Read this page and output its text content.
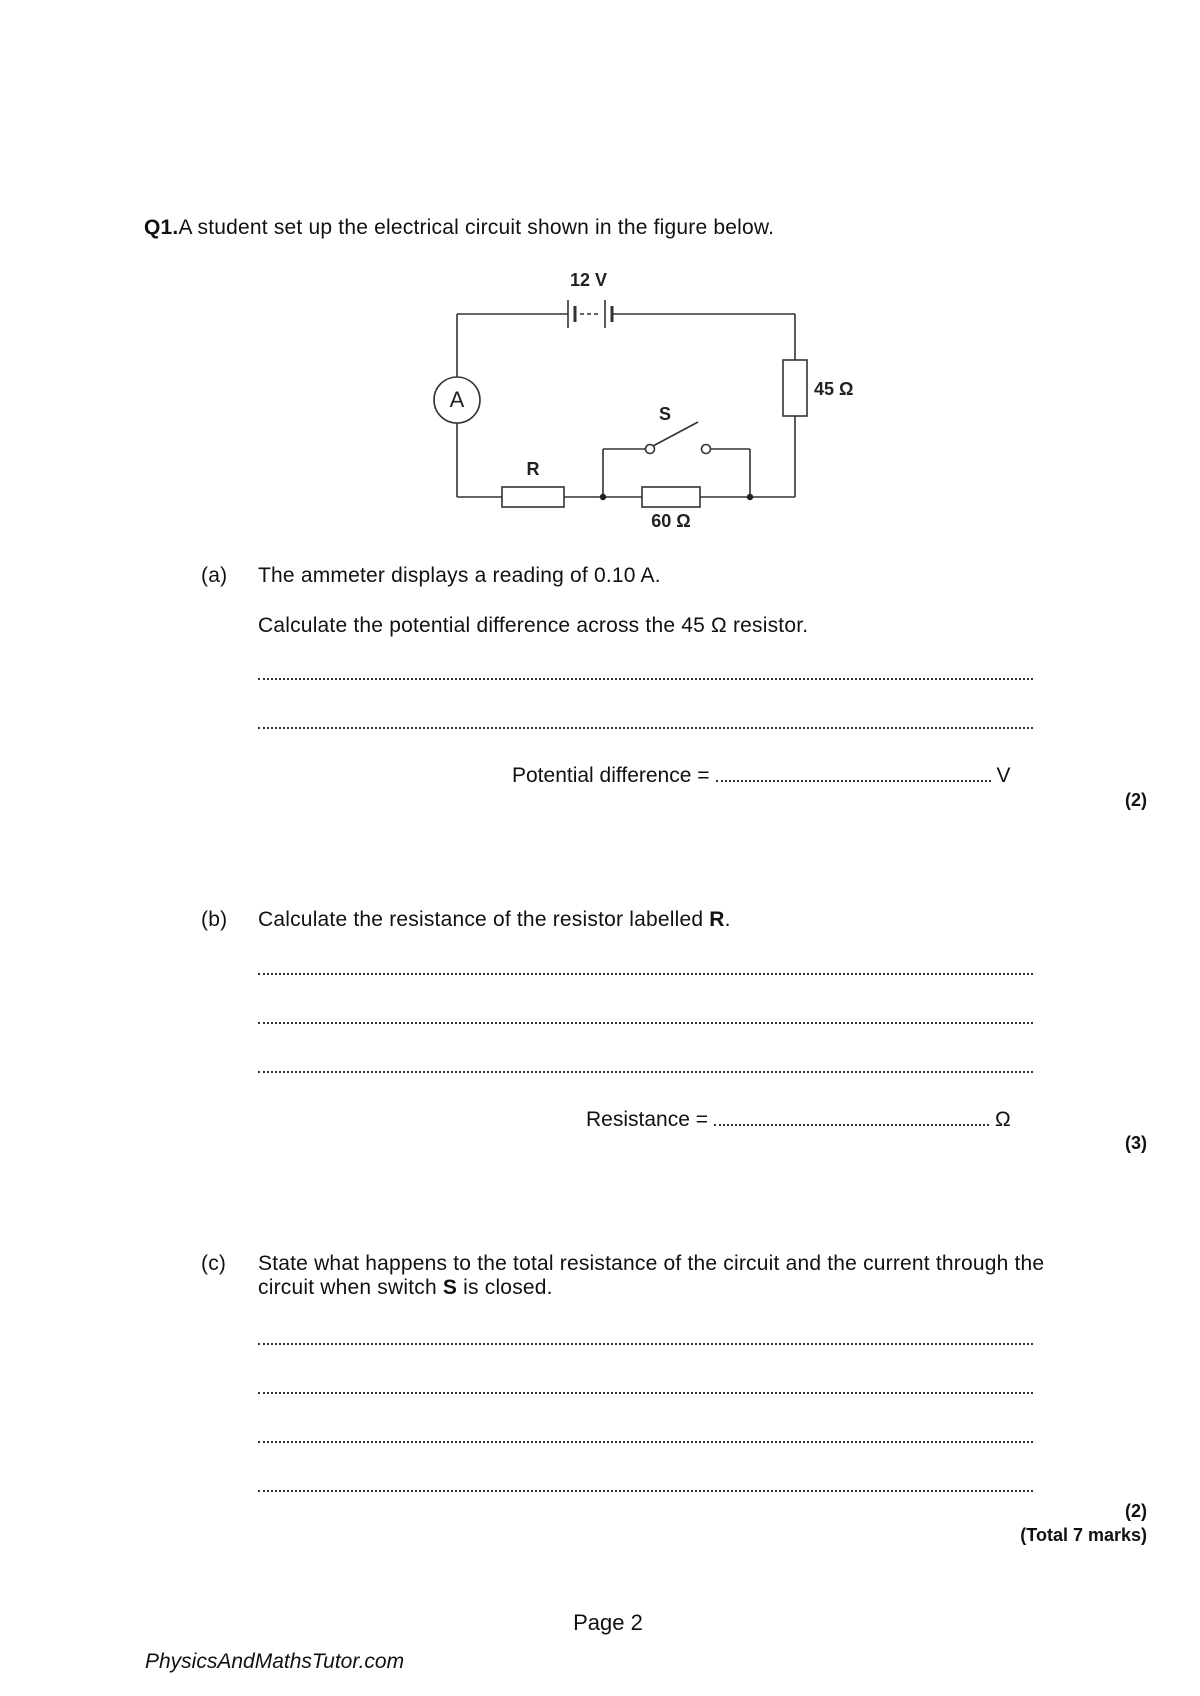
Q1.A student set up the electrical circuit shown in the figure below.
12 V
A	45 Ω
S
R
60 Ω
(a) The ammeter displays a reading of 0.10 A.
Calculate the potential difference across the 45 Ω resistor.
Potential difference =	V
(2)
(b) Calculate the resistance of the resistor labelled R.
Resistance =	Ω
(3)
(c) State what happens to the total resistance of the circuit and the current through the
circuit when switch S is closed.
(2)
(Total 7 marks)
Page 2
PhysicsAndMathsTutor.com
